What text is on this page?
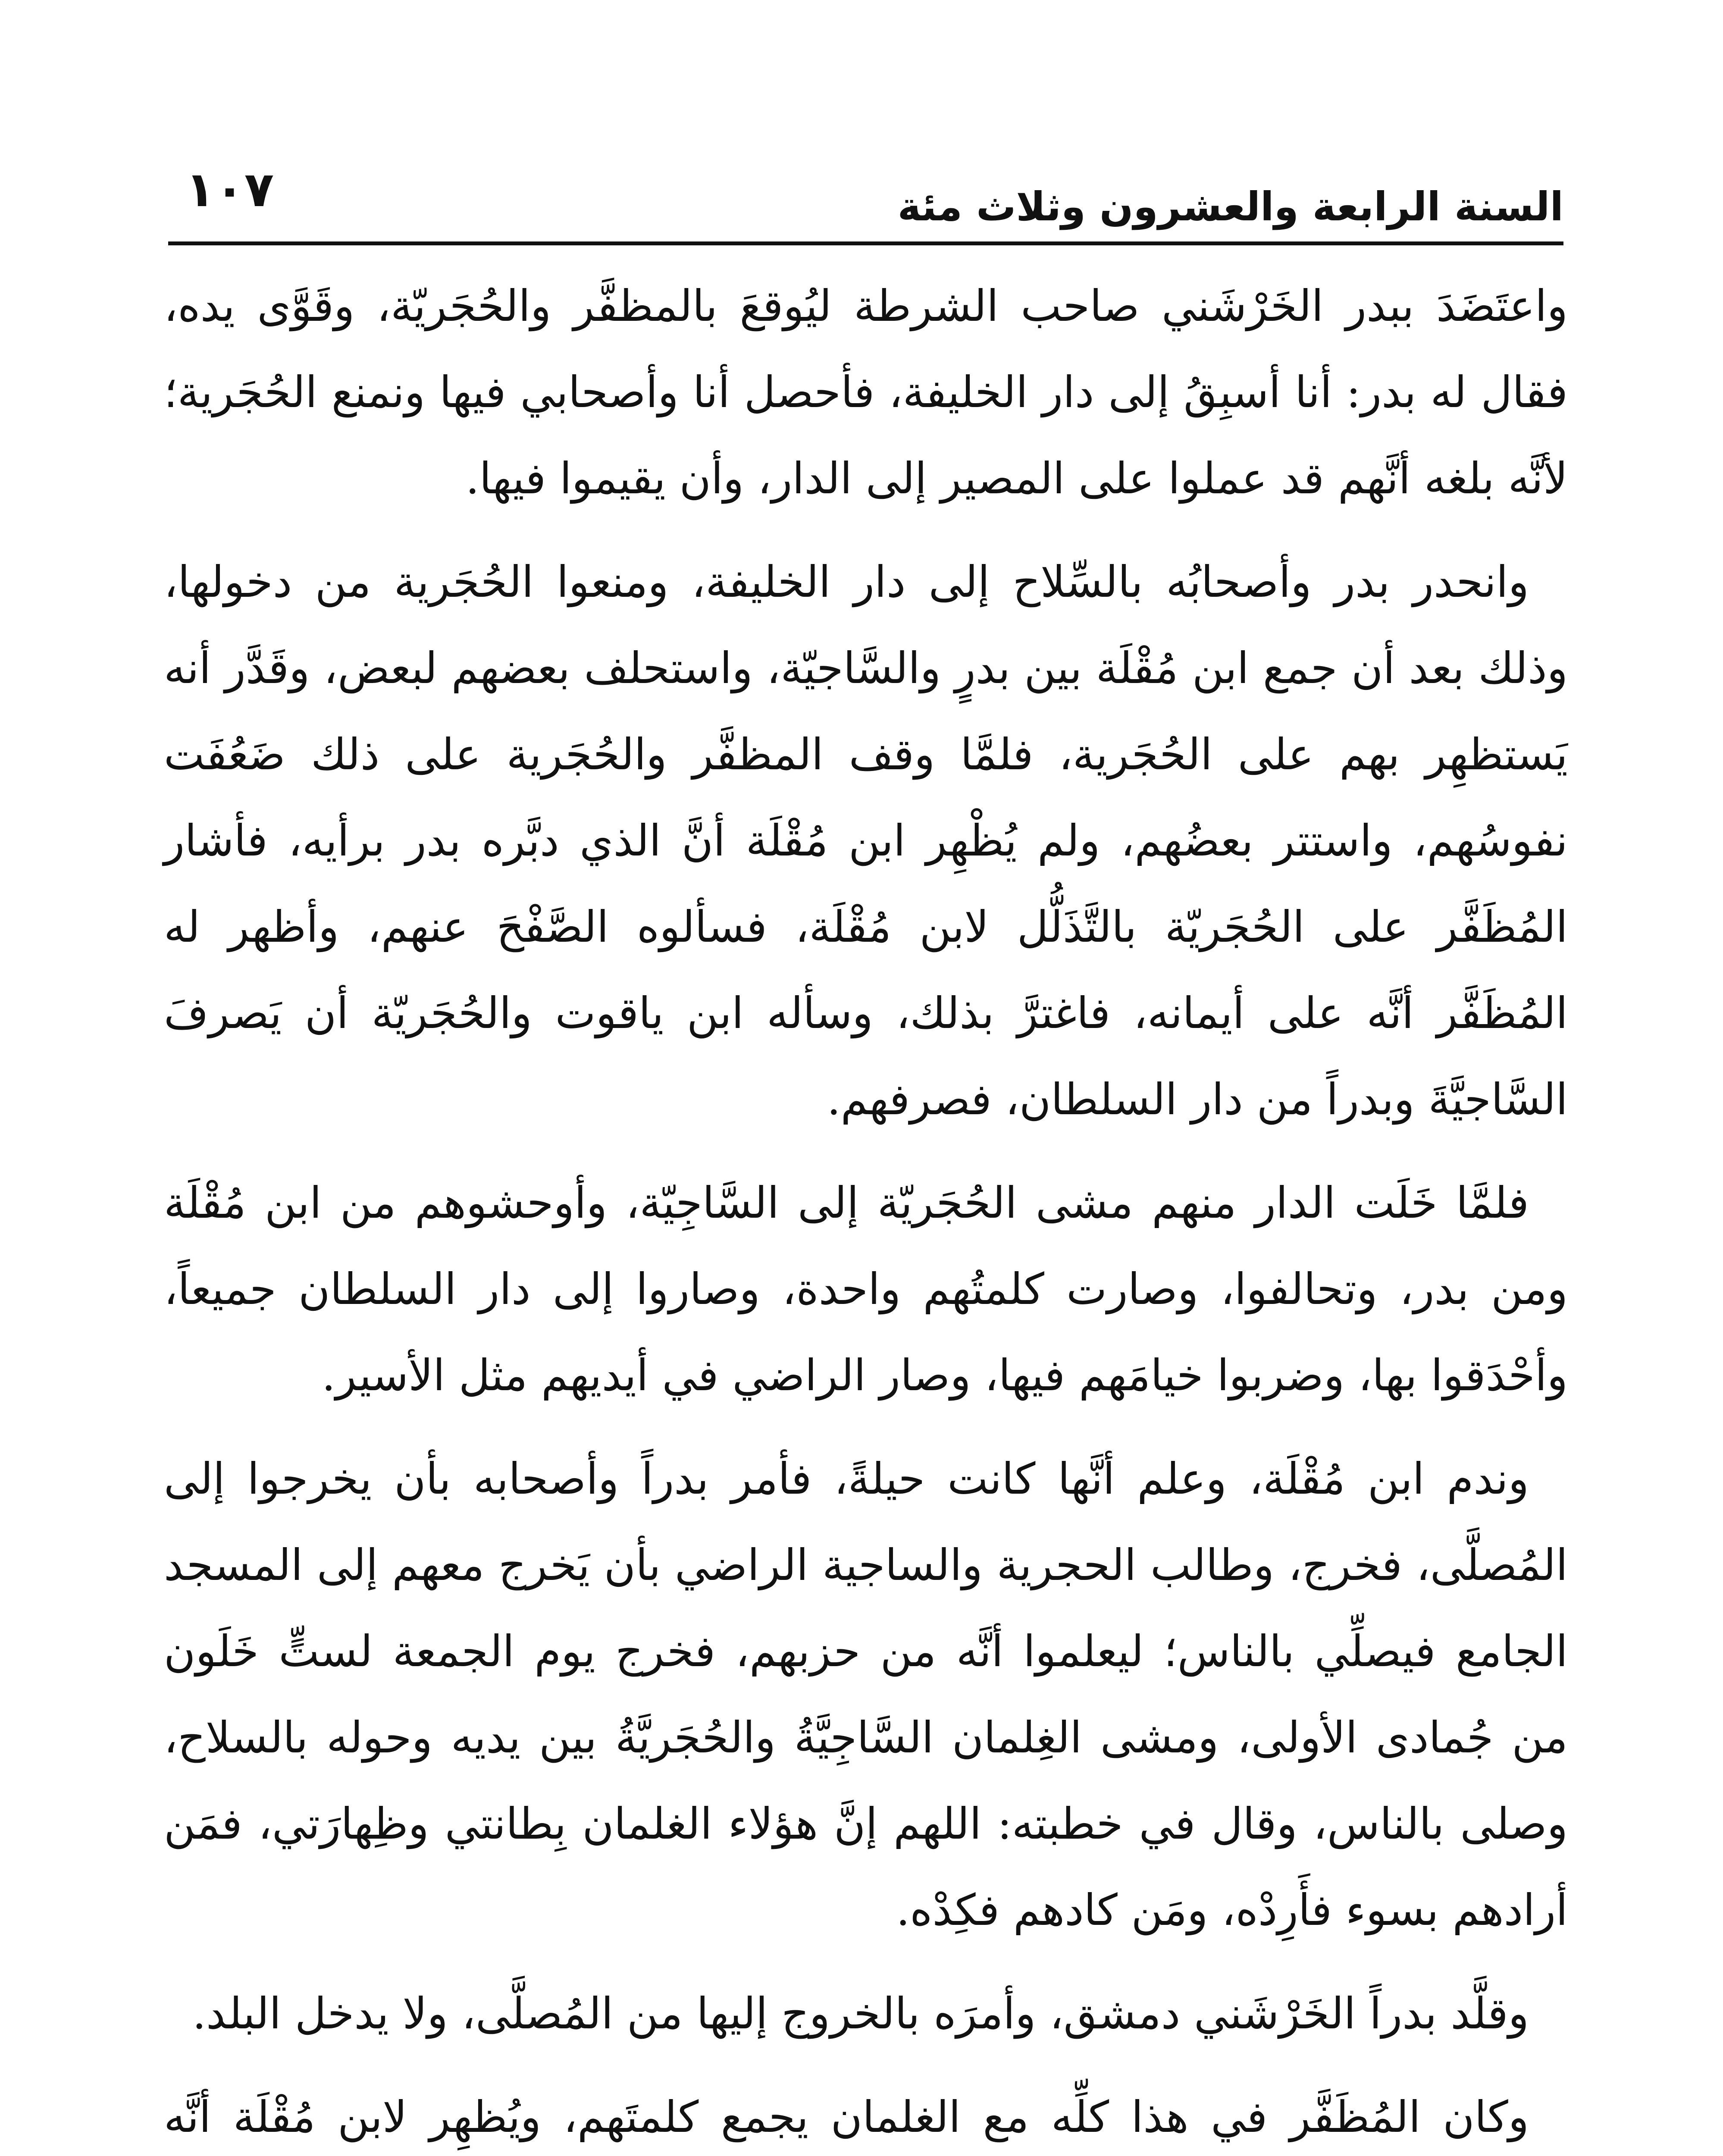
السنة الرابعة والعشرون وثلاث مئة
١٠٧

واعتَضَدَ ببدر الخَرْشَني صاحب الشرطة ليُوقعَ بالمظفَّر والحُجَريّة، وقَوَّى يده، فقال له بدر: أنا أسبِقُ إلى دار الخليفة، فأحصل أنا وأصحابي فيها ونمنع الحُجَرية؛ لأنَّه بلغه أنَّهم قد عملوا على المصير إلى الدار، وأن يقيموا فيها.

وانحدر بدر وأصحابُه بالسِّلاح إلى دار الخليفة، ومنعوا الحُجَرية من دخولها، وذلك بعد أن جمع ابن مُقْلَة بين بدرٍ والسَّاجيّة، واستحلف بعضهم لبعض، وقَدَّر أنه يَستظهِر بهم على الحُجَرية، فلمَّا وقف المظفَّر والحُجَرية على ذلك ضَعُفَت نفوسُهم، واستتر بعضُهم، ولم يُظْهِر ابن مُقْلَة أنَّ الذي دبَّره بدر برأيه، فأشار المُظَفَّر على الحُجَريّة بالتَّذَلُّل لابن مُقْلَة، فسألوه الصَّفْحَ عنهم، وأظهر له المُظَفَّر أنَّه على أيمانه، فاغترَّ بذلك، وسأله ابن ياقوت والحُجَريّة أن يَصرفَ السَّاجيَّةَ وبدراً من دار السلطان، فصرفهم.

فلمَّا خَلَت الدار منهم مشى الحُجَريّة إلى السَّاجِيّة، وأوحشوهم من ابن مُقْلَة ومن بدر، وتحالفوا، وصارت كلمتُهم واحدة، وصاروا إلى دار السلطان جميعاً، وأحْدَقوا بها، وضربوا خيامَهم فيها، وصار الراضي في أيديهم مثل الأسير.

وندم ابن مُقْلَة، وعلم أنَّها كانت حيلةً، فأمر بدراً وأصحابه بأن يخرجوا إلى المُصلَّى، فخرج، وطالب الحجرية والساجية الراضي بأن يَخرج معهم إلى المسجد الجامع فيصلِّي بالناس؛ ليعلموا أنَّه من حزبهم، فخرج يوم الجمعة لستٍّ خَلَون من جُمادى الأولى، ومشى الغِلمان السَّاجِيَّةُ والحُجَريَّةُ بين يديه وحوله بالسلاح، وصلى بالناس، وقال في خطبته: اللهم إنَّ هؤلاء الغلمان بِطانتي وظِهارَتي، فمَن أرادهم بسوء فأَرِدْه، ومَن كادهم فكِدْه.

وقلَّد بدراً الخَرْشَني دمشق، وأمرَه بالخروج إليها من المُصلَّى، ولا يدخل البلد.

وكان المُظَفَّر في هذا كلِّه مع الغلمان يجمع كلمتَهم، ويُظهِر لابن مُقْلَة أنَّه
